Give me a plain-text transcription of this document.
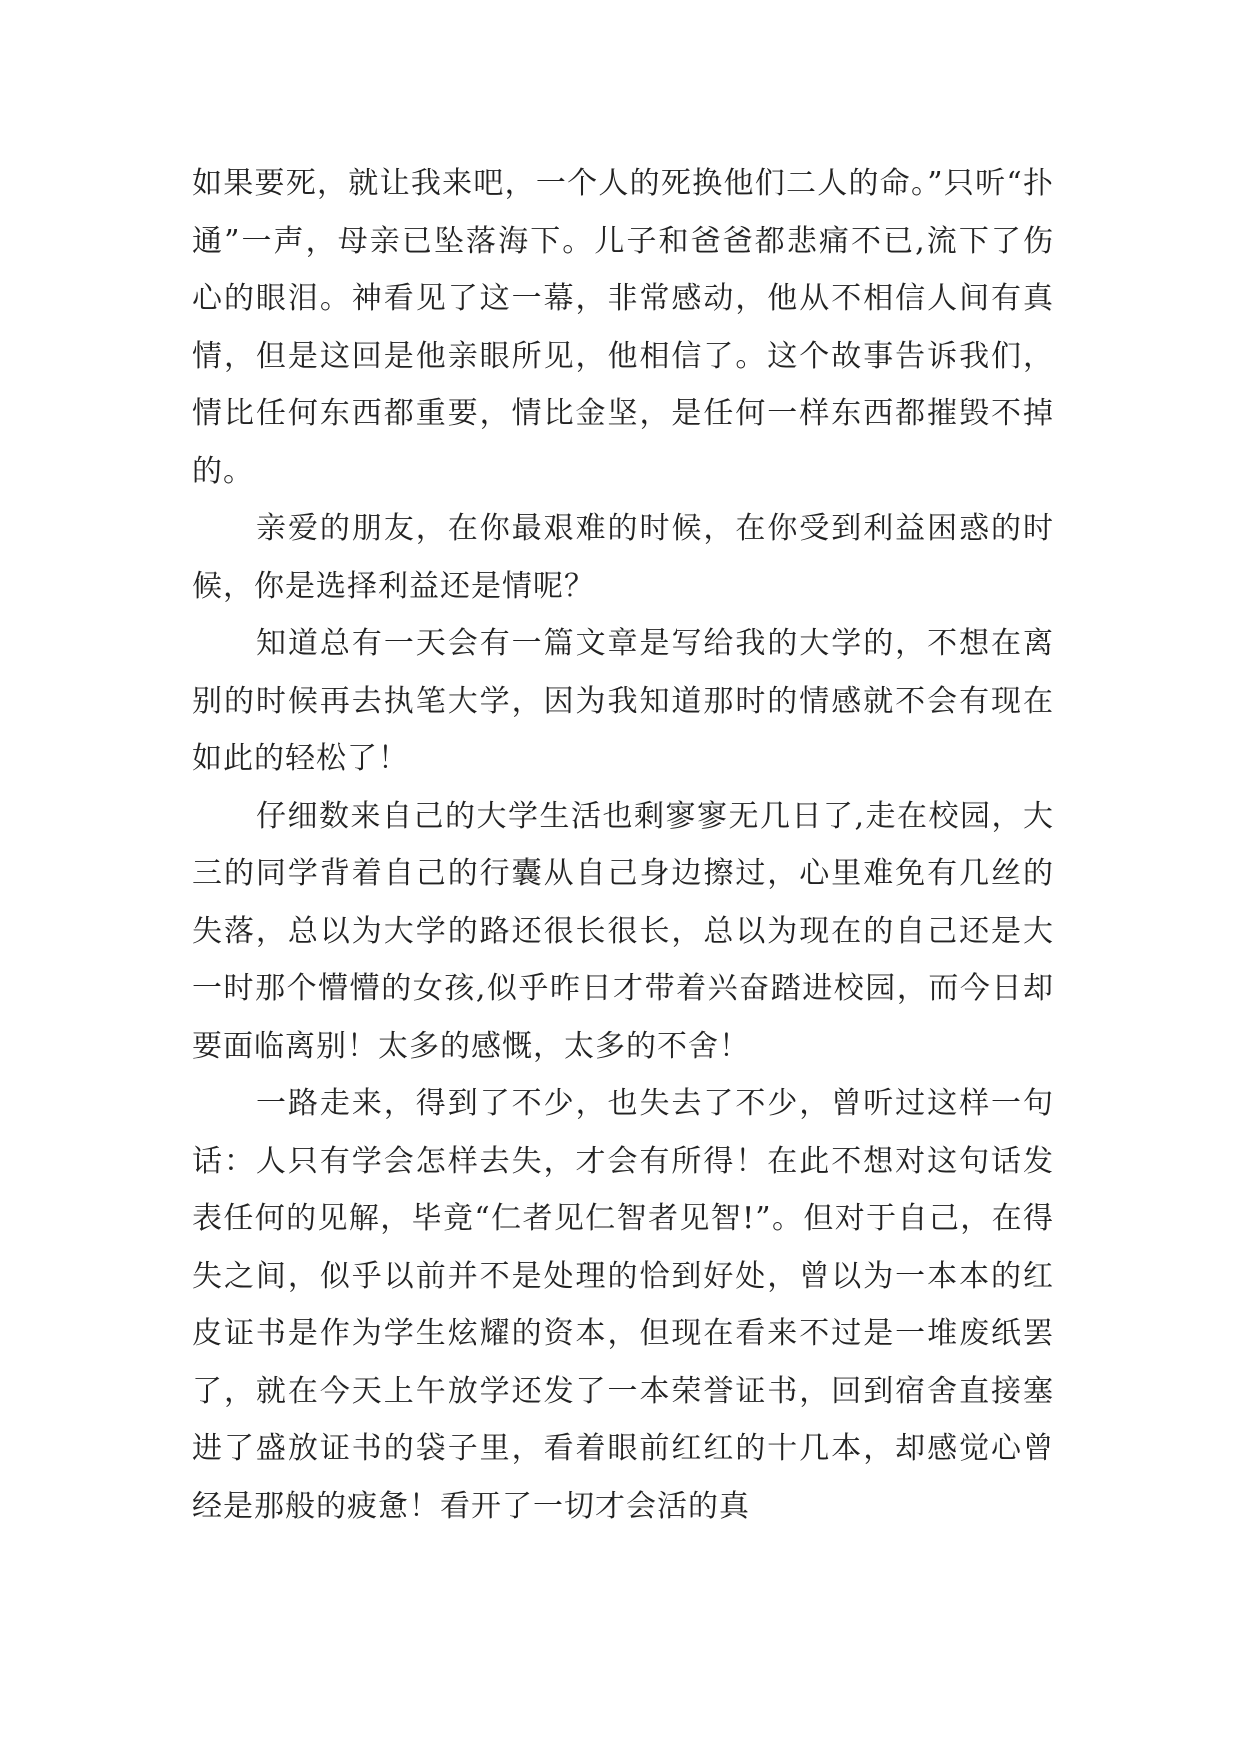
如果要死，就让我来吧，一个人的死换他们二人的命。”只听“扑通”一声，母亲已坠落海下。儿子和爸爸都悲痛不已,流下了伤心的眼泪。神看见了这一幕，非常感动，他从不相信人间有真情，但是这回是他亲眼所见，他相信了。这个故事告诉我们，情比任何东西都重要，情比金坚，是任何一样东西都摧毁不掉的。

亲爱的朋友，在你最艰难的时候，在你受到利益困惑的时候，你是选择利益还是情呢？

知道总有一天会有一篇文章是写给我的大学的，不想在离别的时候再去执笔大学，因为我知道那时的情感就不会有现在如此的轻松了！

仔细数来自己的大学生活也剩寥寥无几日了,走在校园，大三的同学背着自己的行囊从自己身边擦过，心里难免有几丝的失落，总以为大学的路还很长很长，总以为现在的自己还是大一时那个懵懵的女孩,似乎昨日才带着兴奋踏进校园，而今日却要面临离别！太多的感慨，太多的不舍！

一路走来，得到了不少，也失去了不少，曾听过这样一句话：人只有学会怎样去失，才会有所得！在此不想对这句话发表任何的见解，毕竟“仁者见仁智者见智!”。但对于自己，在得失之间，似乎以前并不是处理的恰到好处，曾以为一本本的红皮证书是作为学生炫耀的资本，但现在看来不过是一堆废纸罢了，就在今天上午放学还发了一本荣誉证书，回到宿舍直接塞进了盛放证书的袋子里，看着眼前红红的十几本，却感觉心曾经是那般的疲惫！看开了一切才会活的真
